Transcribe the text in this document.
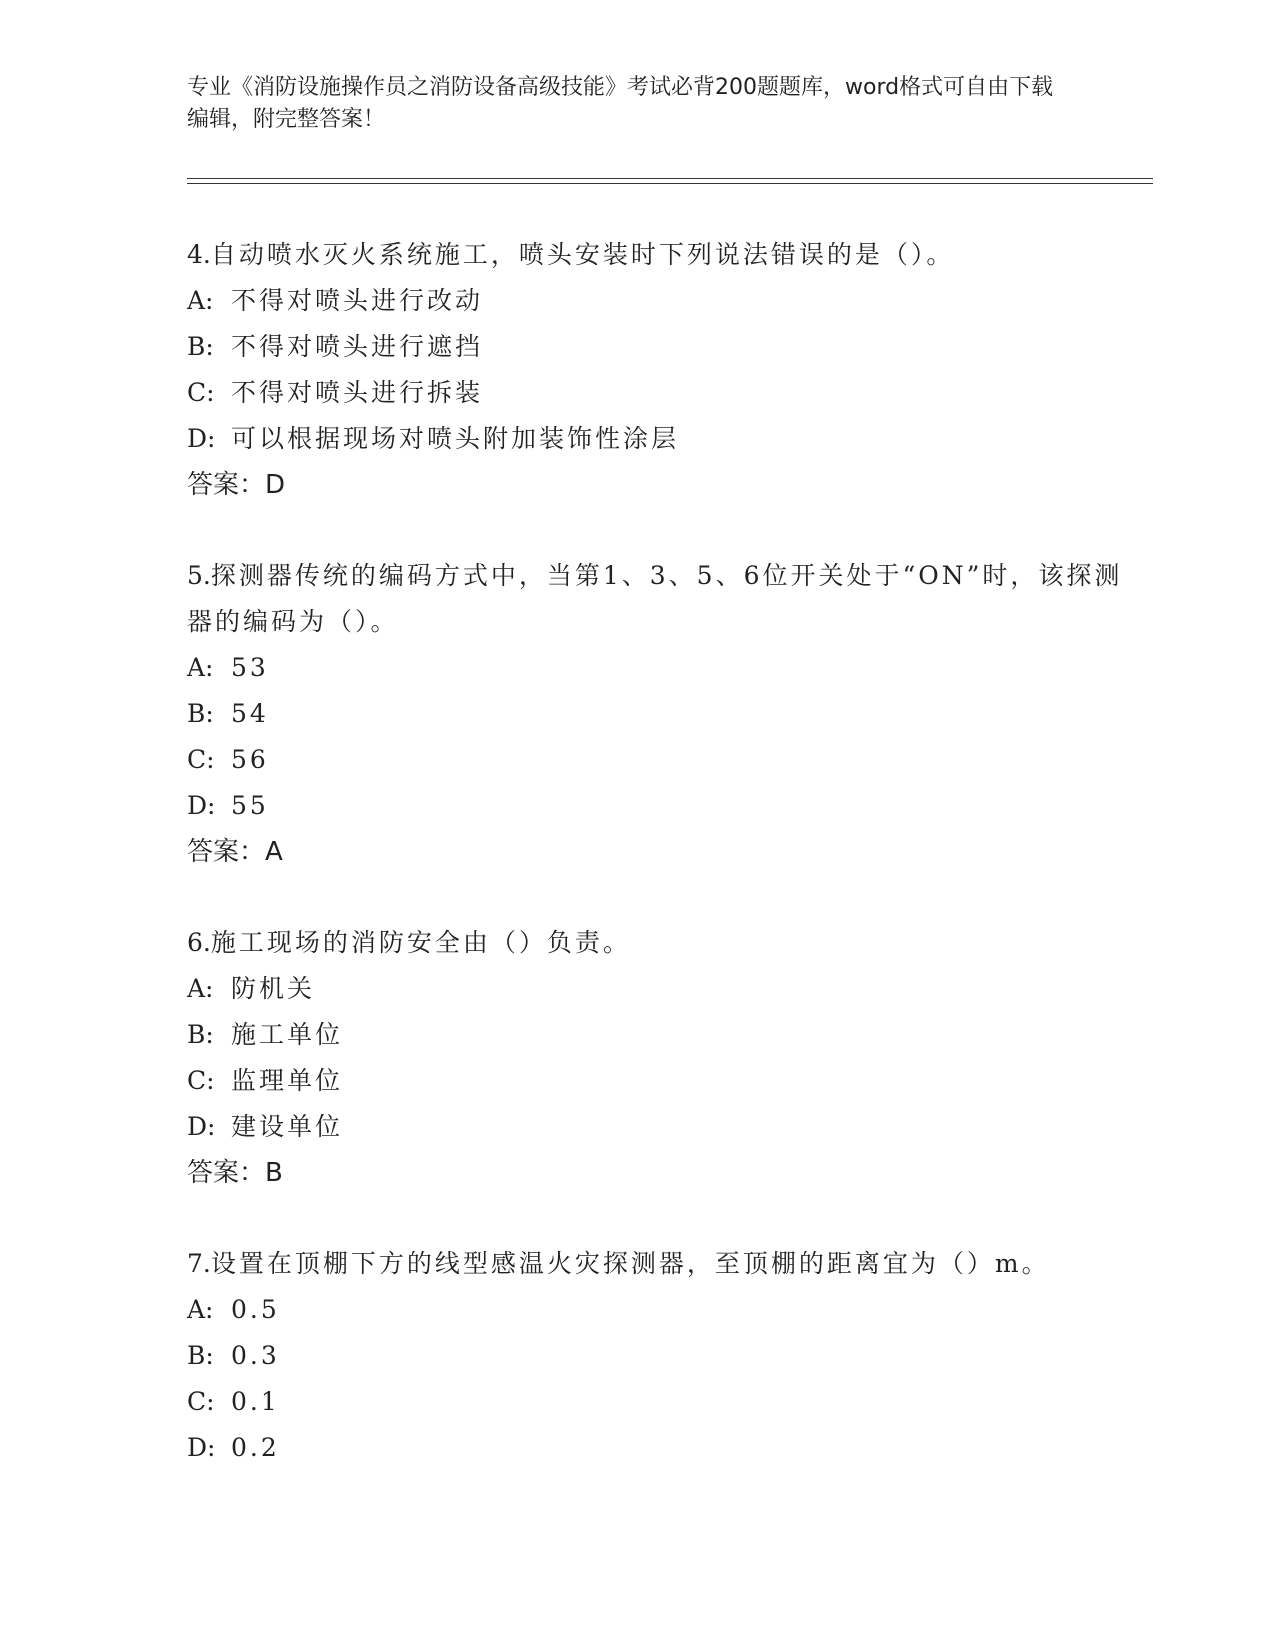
专业《消防设施操作员之消防设备高级技能》考试必背200题题库，word格式可自由下载编辑，附完整答案！
4.自动喷水灭火系统施工，喷头安装时下列说法错误的是（）。
A: 不得对喷头进行改动
B: 不得对喷头进行遮挡
C: 不得对喷头进行拆装
D: 可以根据现场对喷头附加装饰性涂层
答案：D
5.探测器传统的编码方式中，当第1、3、5、6位开关处于“ON”时，该探测器的编码为（）。
A: 53
B: 54
C: 56
D: 55
答案：A
6.施工现场的消防安全由（）负责。
A: 防机关
B: 施工单位
C: 监理单位
D: 建设单位
答案：B
7.设置在顶棚下方的线型感温火灾探测器，至顶棚的距离宜为（）m。
A: 0.5
B: 0.3
C: 0.1
D: 0.2
